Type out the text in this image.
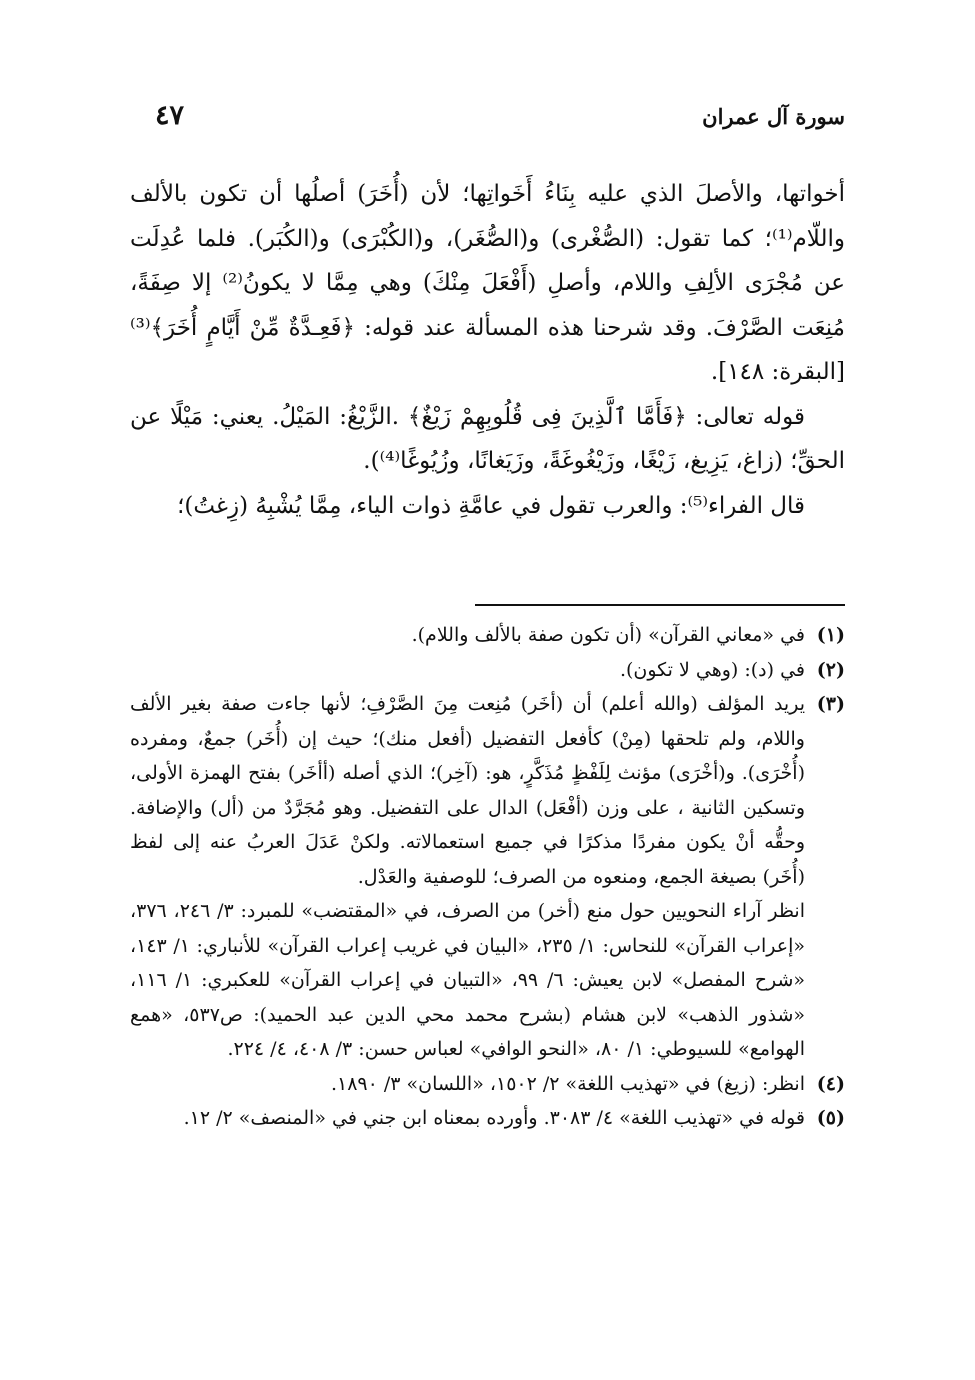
سورة آل عمران
٤٧

أخواتها، والأصلَ الذي عليه بِنَاءُ أَخَواتِها؛ لأن (أُخَرَ) أصلُها أن تكون بالألف واللّام⁽¹⁾؛ كما تقول: (الصُّغْرى) و(الصُّغَر)، و(الكُبْرَى) و(الكُبَر). فلما عُدِلَت عن مُجْرَى الألِفِ واللام، وأصلِ (أَفْعَلَ مِنْكَ) وهي مِمَّا لا يكونُ⁽²⁾ إلا صِفَةً، مُنِعَت الصَّرْفَ. وقد شرحنا هذه المسألة عند قوله: ﴿فَعِـدَّةٌ مِّنْ أَيَّامٍ أُخَرَ﴾⁽³⁾ [البقرة: ١٤٨].

قوله تعالى: ﴿فَأَمَّا ٱلَّذِينَ فِى قُلُوبِهِمْ زَيْغٌ﴾ .الزَّيْغُ: المَيْلُ. يعني: مَيْلًا عن الحقِّ؛ (زاغ، يَزِيغ، زَيْغًا، وزَيْغُوغَةً، وزَيَغانًا، وزُيُوغًا⁽⁴⁾).

قال الفراء⁽⁵⁾: والعرب تقول في عامَّةِ ذوات الياء، مِمَّا يُشْبِهُ (زِغتُ)؛

(١)
في «معاني القرآن» (أن تكون صفة بالألف واللام).
(٢)
في (د): (وهي لا تكون).
(٣)
يريد المؤلف (والله أعلم) أن (أخَر) مُنِعت مِنَ الصَّرْفِ؛ لأنها جاءت صفة بغير الألف واللام، ولم تلحقها (مِنْ) كأفعل التفضيل (أفعل منك)؛ حيث إن (أُخَر) جمعٌ، ومفرده (أُخْرَى). و(أخْرَى) مؤنث لِلَفْظٍ مُذَكَّرٍ، هو: (آخِر)؛ الذي أصله (أأخَر) بفتح الهمزة الأولى، وتسكين الثانية ، على وزن (أفْعَل) الدال على التفضيل. وهو مُجَرَّدٌ من (أل) والإضافة. وحقُّه أنْ يكون مفردًا مذكرًا في جميع استعمالاته. ولكنْ عَدَلَ العربُ عنه إلى لفظ (أُخَر) بصيغة الجمع، ومنعوه من الصرف؛ للوصفية والعَدْل.

انظر آراء النحويين حول منع (أخر) من الصرف، في «المقتضب» للمبرد: ٣/ ٢٤٦، ٣٧٦، «إعراب القرآن» للنحاس: ١/ ٢٣٥، «البيان في غريب إعراب القرآن» للأنباري: ١/ ١٤٣، «شرح المفصل» لابن يعيش: ٦/ ٩٩، «التبيان في إعراب القرآن» للعكبري: ١/ ١١٦، «شذور الذهب» لابن هشام (بشرح محمد محي الدين عبد الحميد): ص٥٣٧، «همع الهوامع» للسيوطي: ١/ ٨٠، «النحو الوافي» لعباس حسن: ٣/ ٤٠٨، ٤/ ٢٢٤.

(٤)
انظر: (زيغ) في «تهذيب اللغة» ٢/ ١٥٠٢، «اللسان» ٣/ ١٨٩٠.
(٥)
قوله في «تهذيب اللغة» ٤/ ٣٠٨٣. وأورده بمعناه ابن جني في «المنصف» ٢/ ١٢.
